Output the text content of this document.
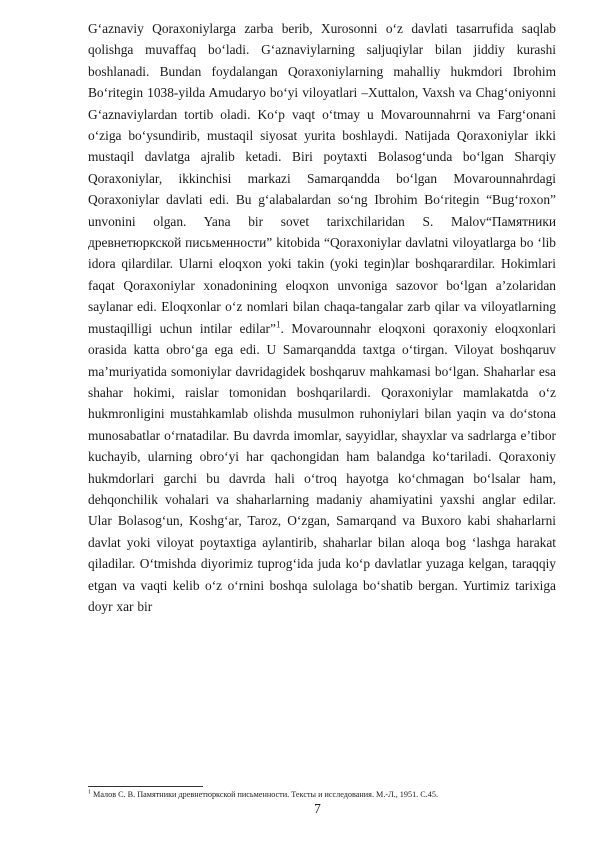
G‘aznaviy Qoraxoniylarga zarba berib, Xurosonni o‘z davlati tasarrufida saqlab qolishga muvaffaq bo‘ladi. G‘aznaviylarning saljuqiylar bilan jiddiy kurashi boshlanadi. Bundan foydalangan Qoraxoniylarning mahalliy hukmdori Ibrohim Bo‘ritegin 1038-yilda Amudaryo bo‘yi viloyatlari –Xuttalon, Vaxsh va Chag‘oniyonni G‘aznaviylardan tortib oladi. Ko‘p vaqt o‘tmay u Movarounnahrni va Farg‘onani o‘ziga bo‘ysundirib, mustaqil siyosat yurita boshlaydi. Natijada Qoraxoniylar ikki mustaqil davlatga ajralib ketadi. Biri poytaxti Bolasog‘unda bo‘lgan Sharqiy Qoraxoniylar, ikkinchisi markazi Samarqandda bo‘lgan Movarounnahrdagi Qoraxoniylar davlati edi. Bu g‘alabalardan so‘ng Ibrohim Bo‘ritegin “Bug‘roxon” unvonini olgan. Yana bir sovet tarixchilaridan S. Malov“Памятники древнетюркской письменности” kitobida “Qoraxoniylar davlatni viloyatlarga bo ‘lib idora qilardilar. Ularni eloqxon yoki takin (yoki tegin)lar boshqarardilar. Hokimlari faqat Qoraxoniylar xonadonining eloqxon unvoniga sazovor bo‘lgan a’zolaridan saylanar edi. Eloqxonlar o‘z nomlari bilan chaqa-tangalar zarb qilar va viloyatlarning mustaqilligi uchun intilar edilar”$^1$. Movarounnahr eloqxoni qoraxoniy eloqxonlari orasida katta obro‘ga ega edi. U Samarqandda taxtga o‘tirgan. Viloyat boshqaruv ma’muriyatida somoniylar davridagidek boshqaruv mahkamasi bo‘lgan. Shaharlar esa shahar hokimi, raislar tomonidan boshqarilardi. Qoraxoniylar mamlakatda o‘z hukmronligini mustahkamlab olishda musulmon ruhoniylari bilan yaqin va do‘stona munosabatlar o‘rnatadilar. Bu davrda imomlar, sayyidlar, shayxlar va sadrlarga e’tibor kuchayib, ularning obro‘yi har qachongidan ham balandga ko‘tariladi. Qoraxoniy hukmdorlari garchi bu davrda hali o‘troq hayotga ko‘chmagan bo‘lsalar ham, dehqonchilik vohalari va shaharlarning madaniy ahamiyatini yaxshi anglar edilar. Ular Bolasog‘un, Koshg‘ar, Taroz, O‘zgan, Samarqand va Buxoro kabi shaharlarni davlat yoki viloyat poytaxtiga aylantirib, shaharlar bilan aloqa bog ‘lashga harakat qiladilar. O‘tmishda diyorimiz tuprog‘ida juda ko‘p davlatlar yuzaga kelgan, taraqqiy etgan va vaqti kelib o‘z o‘rnini boshqa sulolaga bo‘shatib bergan. Yurtimiz tarixiga doyr xar bir
$^1$ Малов С. В. Памятники древнетюркской письменности. Тексты и исследования. М.-Л., 1951. С.45.
7
